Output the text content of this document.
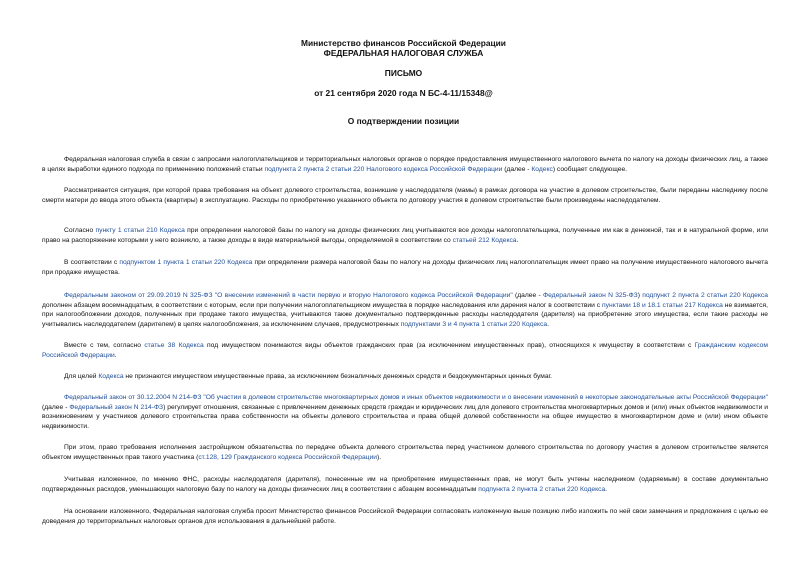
Министерство финансов Российской Федерации
ФЕДЕРАЛЬНАЯ НАЛОГОВАЯ СЛУЖБА
ПИСЬМО
от 21 сентября 2020 года N БС-4-11/15348@
О подтверждении позиции

Федеральная налоговая служба в связи с запросами налогоплательщиков и территориальных налоговых органов о порядке предоставления имущественного налогового вычета по налогу на доходы физических лиц, а также в целях выработки единого подхода по применению положений статьи подпункта 2 пункта 2 статьи 220 Налогового кодекса Российской Федерации (далее - Кодекс) сообщает следующее.

Рассматривается ситуация, при которой права требования на объект долевого строительства, возникшие у наследодателя (мамы) в рамках договора на участие в долевом строительстве, были переданы наследнику после смерти матери до ввода этого объекта (квартиры) в эксплуатацию. Расходы по приобретению указанного объекта по договору участия в долевом строительстве были произведены наследодателем.

Согласно пункту 1 статьи 210 Кодекса при определении налоговой базы по налогу на доходы физических лиц учитываются все доходы налогоплательщика, полученные им как в денежной, так и в натуральной форме, или право на распоряжение которыми у него возникло, а также доходы в виде материальной выгоды, определяемой в соответствии со статьей 212 Кодекса.

В соответствии с подпунктом 1 пункта 1 статьи 220 Кодекса при определении размера налоговой базы по налогу на доходы физических лиц налогоплательщик имеет право на получение имущественного налогового вычета при продаже имущества.

Федеральным законом от 29.09.2019 N 325-ФЗ "О внесении изменений в части первую и вторую Налогового кодекса Российской Федерации" (далее - Федеральный закон N 325-ФЗ) подпункт 2 пункта 2 статьи 220 Кодекса дополнен абзацем восемнадцатым, в соответствии с которым, если при получении налогоплательщиком имущества в порядке наследования или дарения налог в соответствии с пунктами 18 и 18.1 статьи 217 Кодекса не взимается, при налогообложении доходов, полученных при продаже такого имущества, учитываются также документально подтвержденные расходы наследодателя (дарителя) на приобретение этого имущества, если такие расходы не учитывались наследодателем (дарителем) в целях налогообложения, за исключением случаев, предусмотренных подпунктами 3 и 4 пункта 1 статьи 220 Кодекса.

Вместе с тем, согласно статье 38 Кодекса под имуществом понимаются виды объектов гражданских прав (за исключением имущественных прав), относящихся к имуществу в соответствии с Гражданским кодексом Российской Федерации.

Для целей Кодекса не признаются имуществом имущественные права, за исключением безналичных денежных средств и бездокументарных ценных бумаг.

Федеральный закон от 30.12.2004 N 214-ФЗ "Об участии в долевом строительстве многоквартирных домов и иных объектов недвижимости и о внесении изменений в некоторые законодательные акты Российской Федерации" (далее - Федеральный закон N 214-ФЗ) регулирует отношения, связанные с привлечением денежных средств граждан и юридических лиц для долевого строительства многоквартирных домов и (или) иных объектов недвижимости и возникновением у участников долевого строительства права собственности на объекты долевого строительства и права общей долевой собственности на общее имущество в многоквартирном доме и (или) ином объекте недвижимости.

При этом, право требования исполнения застройщиком обязательства по передаче объекта долевого строительства перед участником долевого строительства по договору участия в долевом строительстве является объектом имущественных прав такого участника (ст.128, 129 Гражданского кодекса Российской Федерации).

Учитывая изложенное, по мнению ФНС, расходы наследодателя (дарителя), понесенные им на приобретение имущественных прав, не могут быть учтены наследником (одаряемым) в составе документально подтвержденных расходов, уменьшающих налоговую базу по налогу на доходы физических лиц в соответствии с абзацем восемнадцатым подпункта 2 пункта 2 статьи 220 Кодекса.

На основании изложенного, Федеральная налоговая служба просит Министерство финансов Российской Федерации согласовать изложенную выше позицию либо изложить по ней свои замечания и предложения с целью ее доведения до территориальных налоговых органов для использования в дальнейшей работе.
